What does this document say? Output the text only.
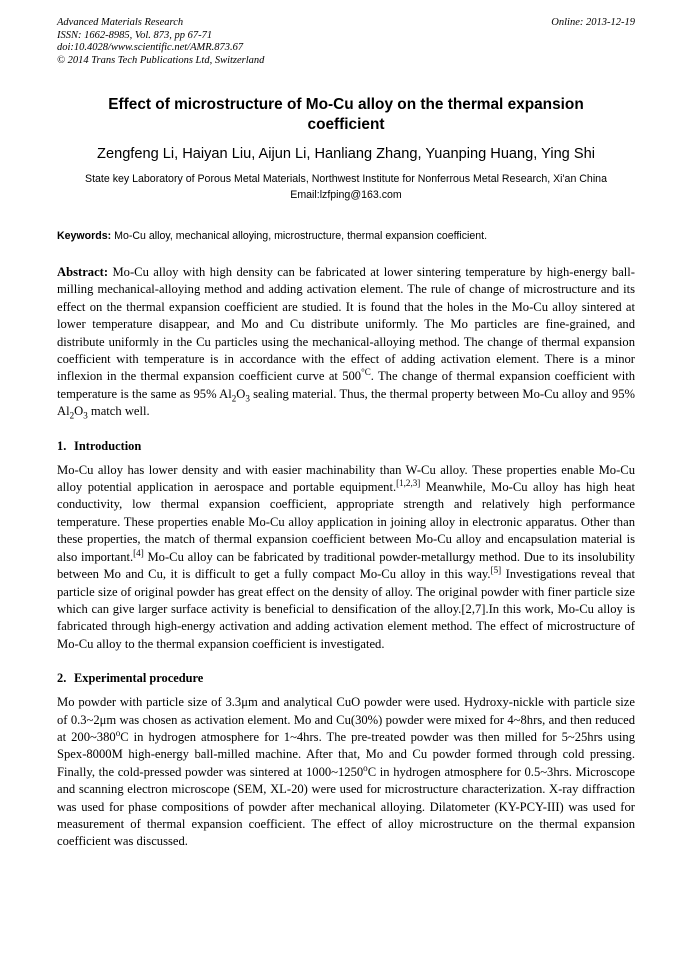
Advanced Materials Research
ISSN: 1662-8985, Vol. 873, pp 67-71
doi:10.4028/www.scientific.net/AMR.873.67
© 2014 Trans Tech Publications Ltd, Switzerland
Online: 2013-12-19
Effect of microstructure of Mo-Cu alloy on the thermal expansion coefficient
Zengfeng Li, Haiyan Liu, Aijun Li, Hanliang Zhang, Yuanping Huang, Ying Shi
State key Laboratory of Porous Metal Materials, Northwest Institute for Nonferrous Metal Research, Xi'an China
Email:lzfping@163.com
Keywords: Mo-Cu alloy, mechanical alloying, microstructure, thermal expansion coefficient.
Abstract: Mo-Cu alloy with high density can be fabricated at lower sintering temperature by high-energy ball-milling mechanical-alloying method and adding activation element. The rule of change of microstructure and its effect on the thermal expansion coefficient are studied. It is found that the holes in the Mo-Cu alloy sintered at lower temperature disappear, and Mo and Cu distribute uniformly. The Mo particles are fine-grained, and distribute uniformly in the Cu particles using the mechanical-alloying method. The change of thermal expansion coefficient with temperature is in accordance with the effect of adding activation element. There is a minor inflexion in the thermal expansion coefficient curve at $500^{^\circ C}$. The change of thermal expansion coefficient with temperature is the same as 95% $Al_2O_3$ sealing material. Thus, the thermal property between Mo-Cu alloy and 95% $Al_2O_3$ match well.
1. Introduction
Mo-Cu alloy has lower density and with easier machinability than W-Cu alloy. These properties enable Mo-Cu alloy potential application in aerospace and portable equipment.[1,2,3] Meanwhile, Mo-Cu alloy has high heat conductivity, low thermal expansion coefficient, appropriate strength and relatively high performance temperature. These properties enable Mo-Cu alloy application in joining alloy in electronic apparatus. Other than these properties, the match of thermal expansion coefficient between Mo-Cu alloy and encapsulation material is also important.[4] Mo-Cu alloy can be fabricated by traditional powder-metallurgy method. Due to its insolubility between Mo and Cu, it is difficult to get a fully compact Mo-Cu alloy in this way.[5] Investigations reveal that particle size of original powder has great effect on the density of alloy. The original powder with finer particle size which can give larger surface activity is beneficial to densification of the alloy.[2,7].In this work, Mo-Cu alloy is fabricated through high-energy activation and adding activation element method. The effect of microstructure of Mo-Cu alloy to the thermal expansion coefficient is investigated.
2. Experimental procedure
Mo powder with particle size of 3.3μm and analytical CuO powder were used. Hydroxy-nickle with particle size of 0.3~2μm was chosen as activation element. Mo and Cu(30%) powder were mixed for 4~8hrs, and then reduced at 200~380$^o$C in hydrogen atmosphere for 1~4hrs. The pre-treated powder was then milled for 5~25hrs using Spex-8000M high-energy ball-milled machine. After that, Mo and Cu powder formed through cold pressing. Finally, the cold-pressed powder was sintered at 1000~1250$^o$C in hydrogen atmosphere for 0.5~3hrs. Microscope and scanning electron microscope (SEM, XL-20) were used for microstructure characterization. X-ray diffraction was used for phase compositions of powder after mechanical alloying. Dilatometer (KY-PCY-III) was used for measurement of thermal expansion coefficient. The effect of alloy microstructure on the thermal expansion coefficient was discussed.
